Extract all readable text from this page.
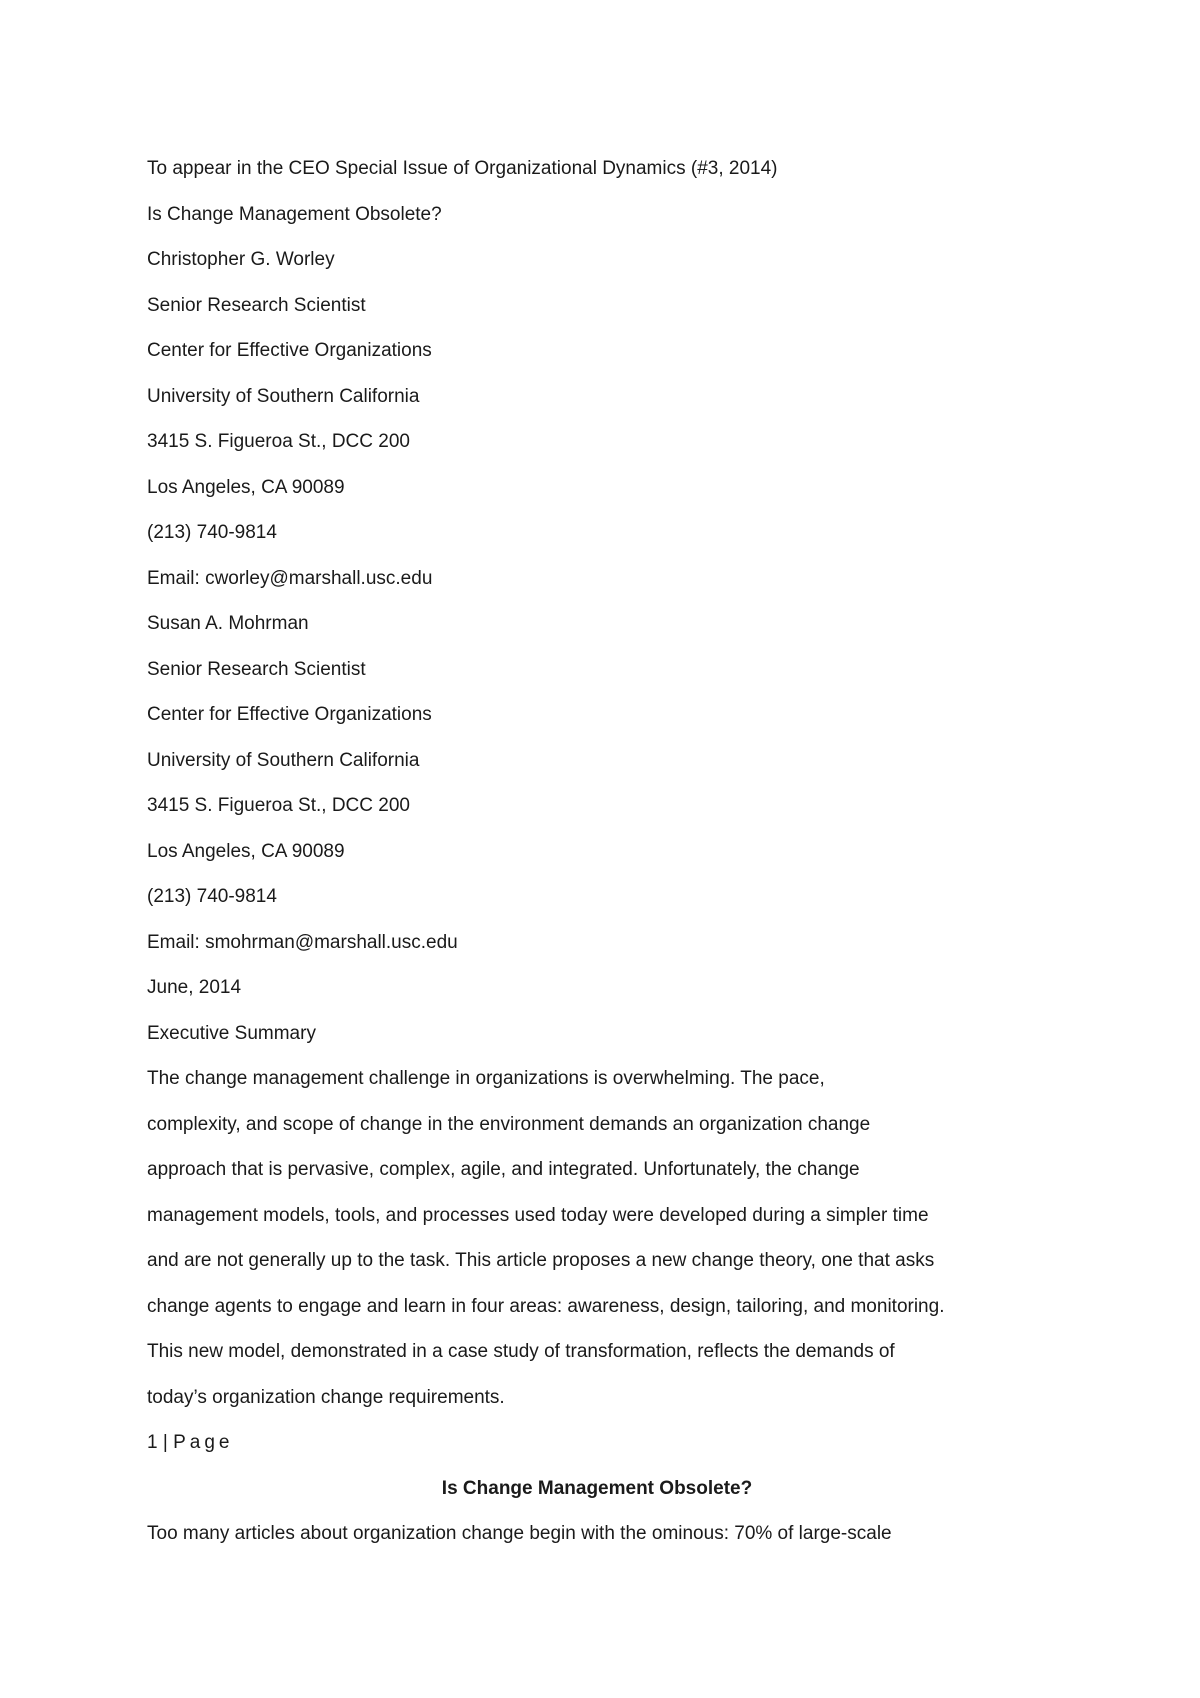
To appear in the CEO Special Issue of Organizational Dynamics (#3, 2014)

Is Change Management Obsolete?

Christopher G. Worley

Senior Research Scientist

Center for Effective Organizations

University of Southern California

3415 S. Figueroa St., DCC 200

Los Angeles, CA 90089

(213) 740-9814

Email: cworley@marshall.usc.edu

Susan A. Mohrman

Senior Research Scientist

Center for Effective Organizations

University of Southern California

3415 S. Figueroa St., DCC 200

Los Angeles, CA 90089

(213) 740-9814

Email: smohrman@marshall.usc.edu

June, 2014

Executive Summary

The change management challenge in organizations is overwhelming. The pace,

complexity, and scope of change in the environment demands an organization change

approach that is pervasive, complex, agile, and integrated. Unfortunately, the change

management models, tools, and processes used today were developed during a simpler time

and are not generally up to the task. This article proposes a new change theory, one that asks

change agents to engage and learn in four areas: awareness, design, tailoring, and monitoring.

This new model, demonstrated in a case study of transformation, reflects the demands of

today’s organization change requirements.

1 | Page
Is Change Management Obsolete?

Too many articles about organization change begin with the ominous: 70% of large-scale
